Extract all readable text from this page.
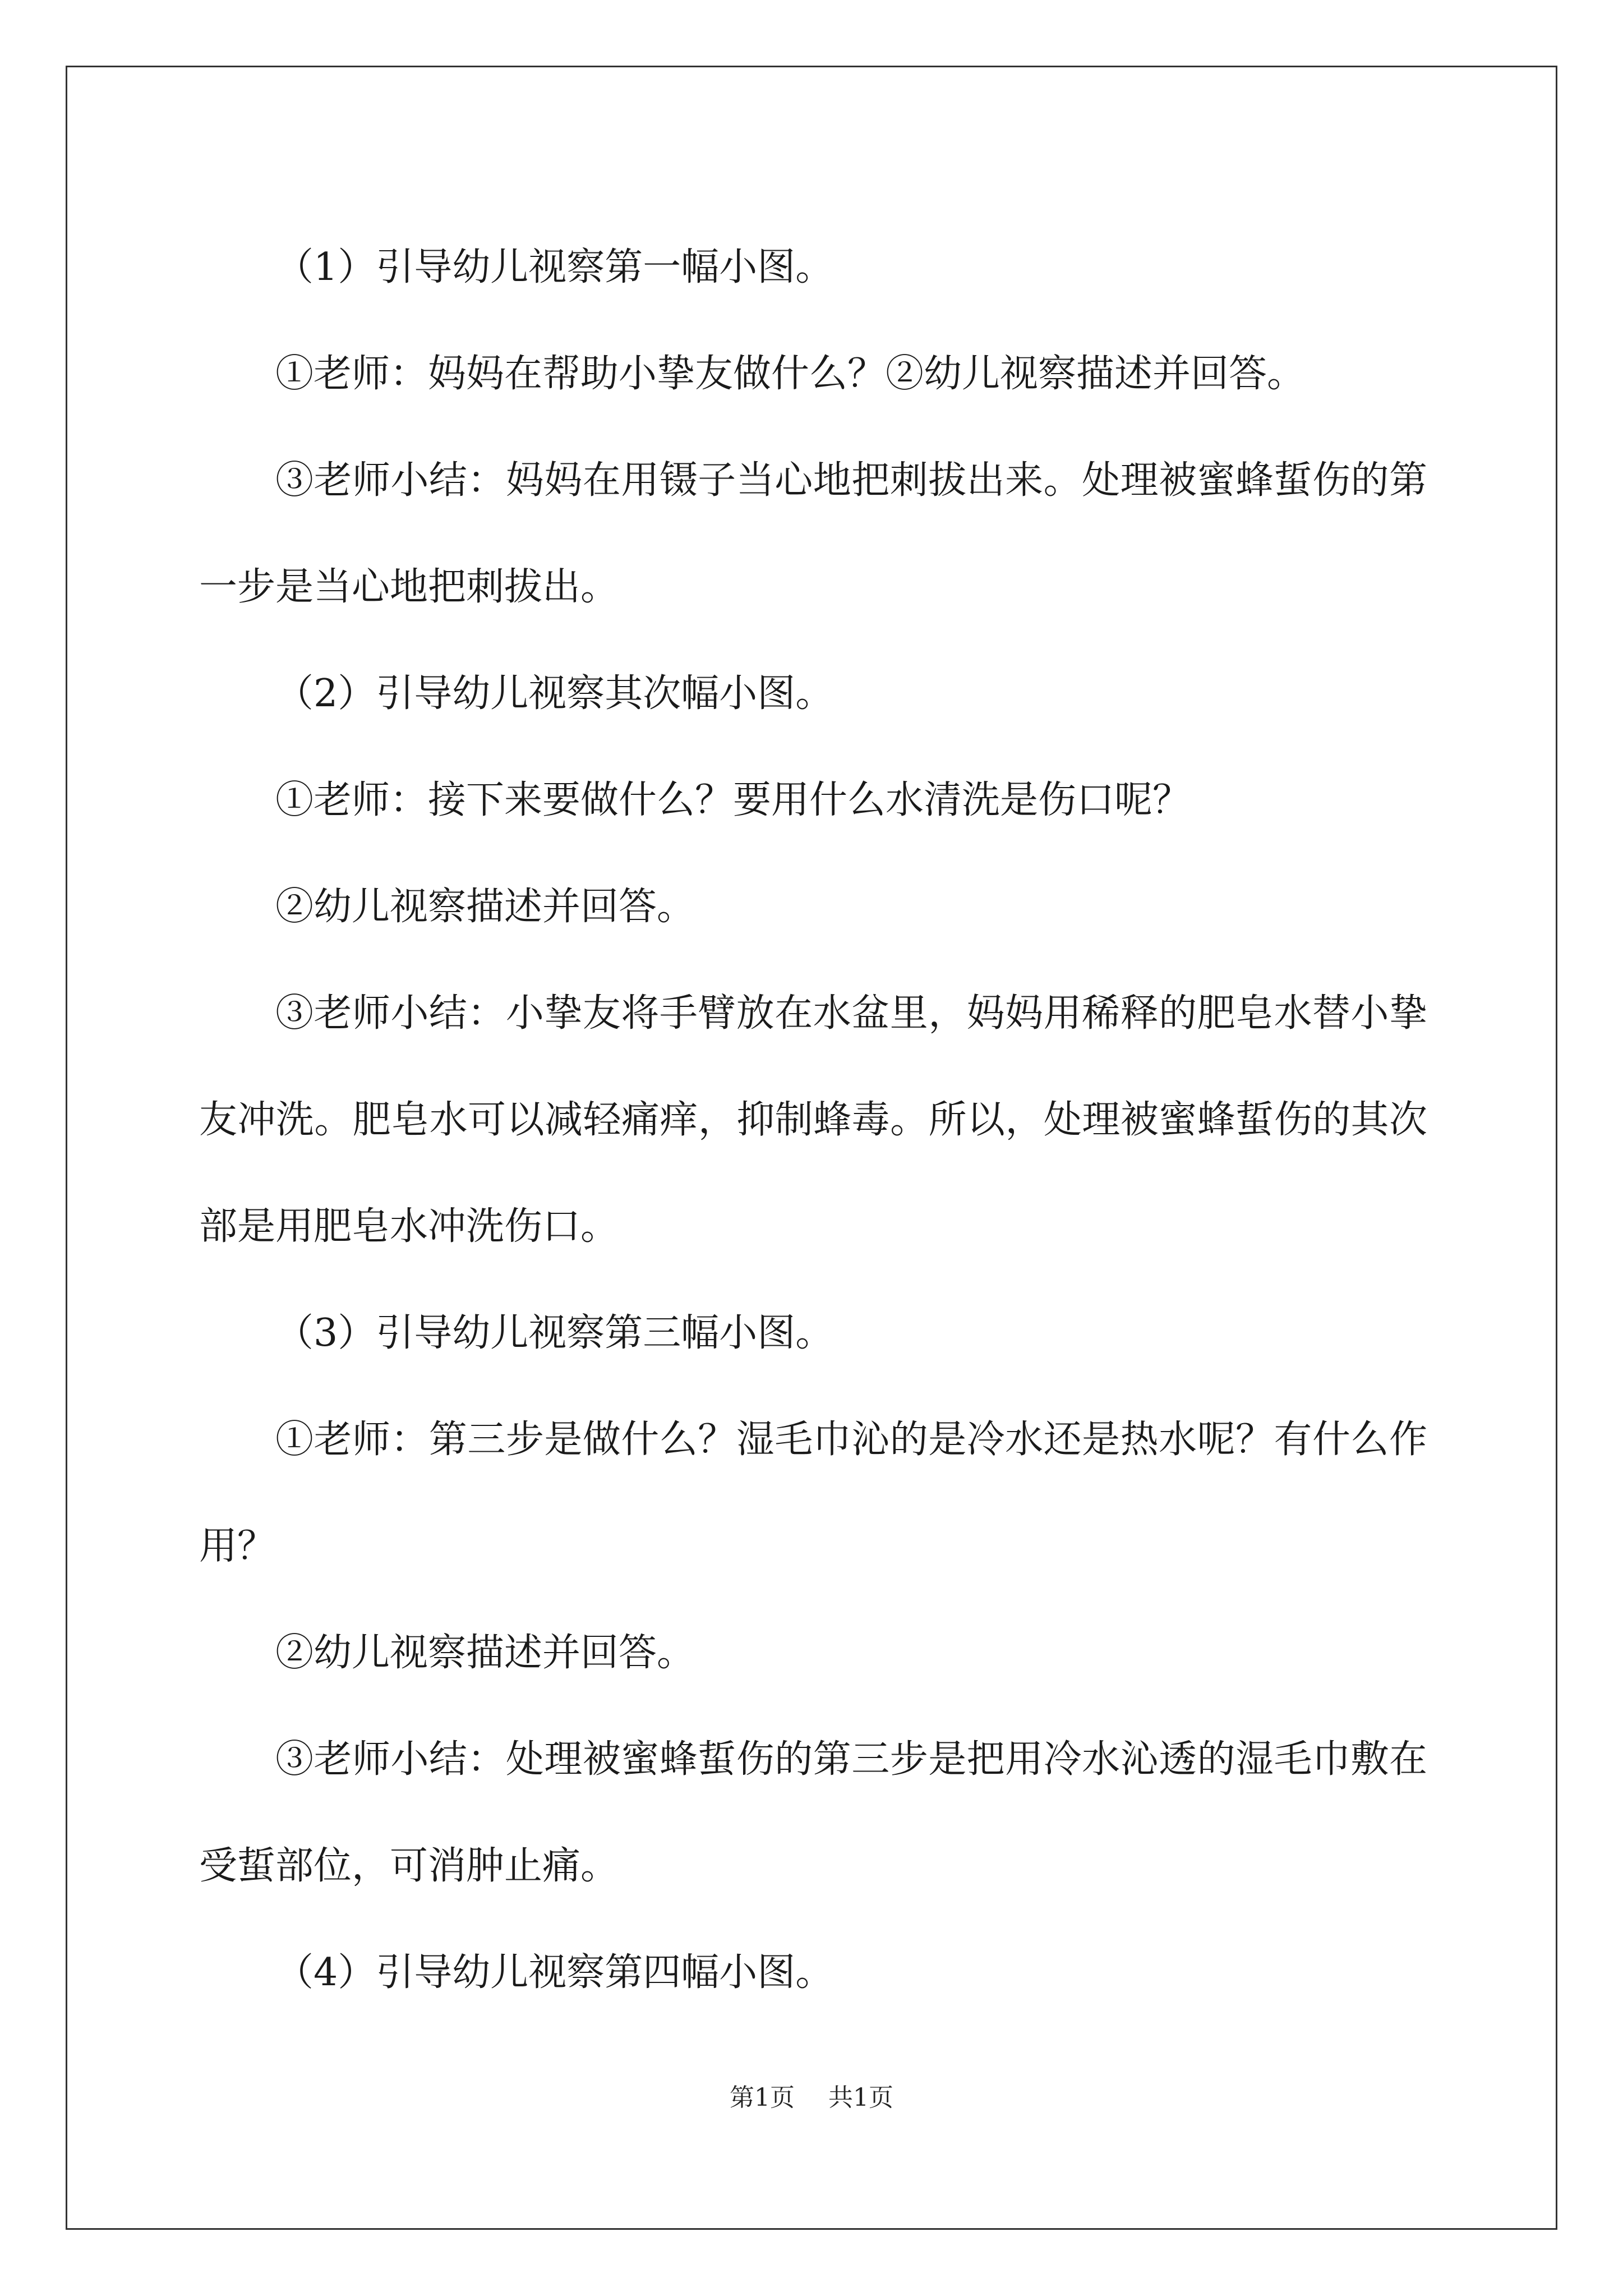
（1）引导幼儿视察第一幅小图。

①老师：妈妈在帮助小挚友做什么？②幼儿视察描述并回答。

③老师小结：妈妈在用镊子当心地把刺拔出来。处理被蜜蜂蜇伤的第一步是当心地把刺拔出。

（2）引导幼儿视察其次幅小图。

①老师：接下来要做什么？要用什么水清洗是伤口呢？

②幼儿视察描述并回答。

③老师小结：小挚友将手臂放在水盆里，妈妈用稀释的肥皂水替小挚友冲洗。肥皂水可以减轻痛痒，抑制蜂毒。所以，处理被蜜蜂蜇伤的其次部是用肥皂水冲洗伤口。

（3）引导幼儿视察第三幅小图。

①老师：第三步是做什么？湿毛巾沁的是冷水还是热水呢？有什么作用？

②幼儿视察描述并回答。

③老师小结：处理被蜜蜂蜇伤的第三步是把用冷水沁透的湿毛巾敷在受蜇部位，可消肿止痛。

（4）引导幼儿视察第四幅小图。

第1页 共1页
